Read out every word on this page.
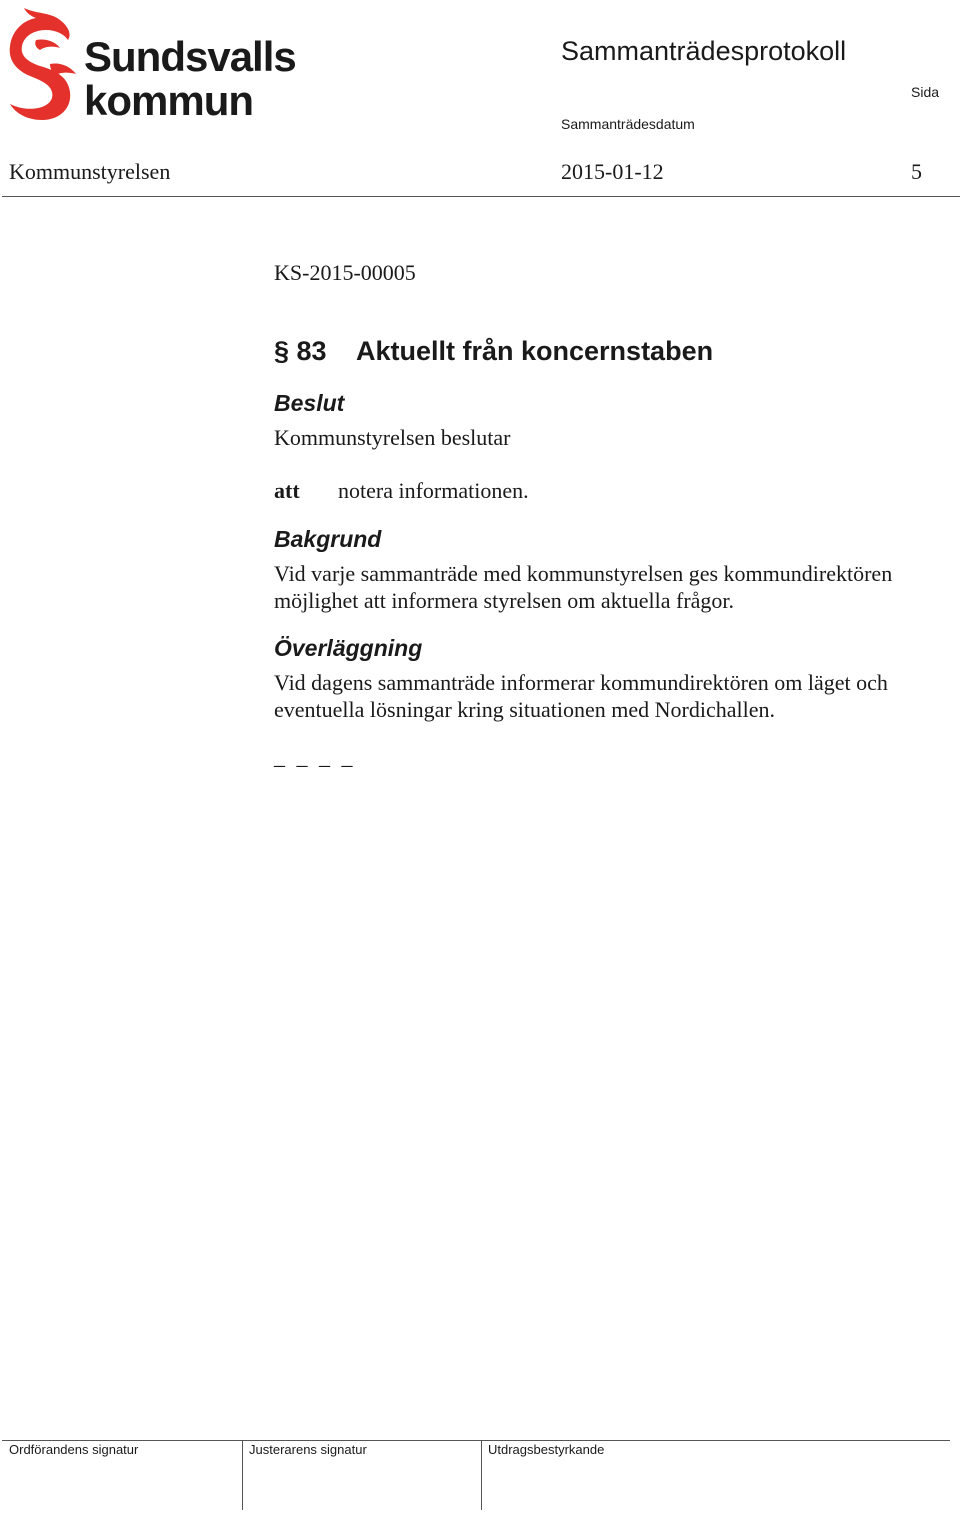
Sundsvalls
kommun
Sammanträdesprotokoll
Sida
Sammanträdesdatum
Kommunstyrelsen	2015-01-12	5
KS-2015-00005
§ 83 Aktuellt från koncernstaben
Beslut
Kommunstyrelsen beslutar
att notera informationen.
Bakgrund
Vid varje sammanträde med kommunstyrelsen ges kommundirektören
möjlighet att informera styrelsen om aktuella frågor.
Överläggning
Vid dagens sammanträde informerar kommundirektören om läget och
eventuella lösningar kring situationen med Nordichallen.
_ _ _ _
Ordförandens signatur	Justerarens signatur	Utdragsbestyrkande
